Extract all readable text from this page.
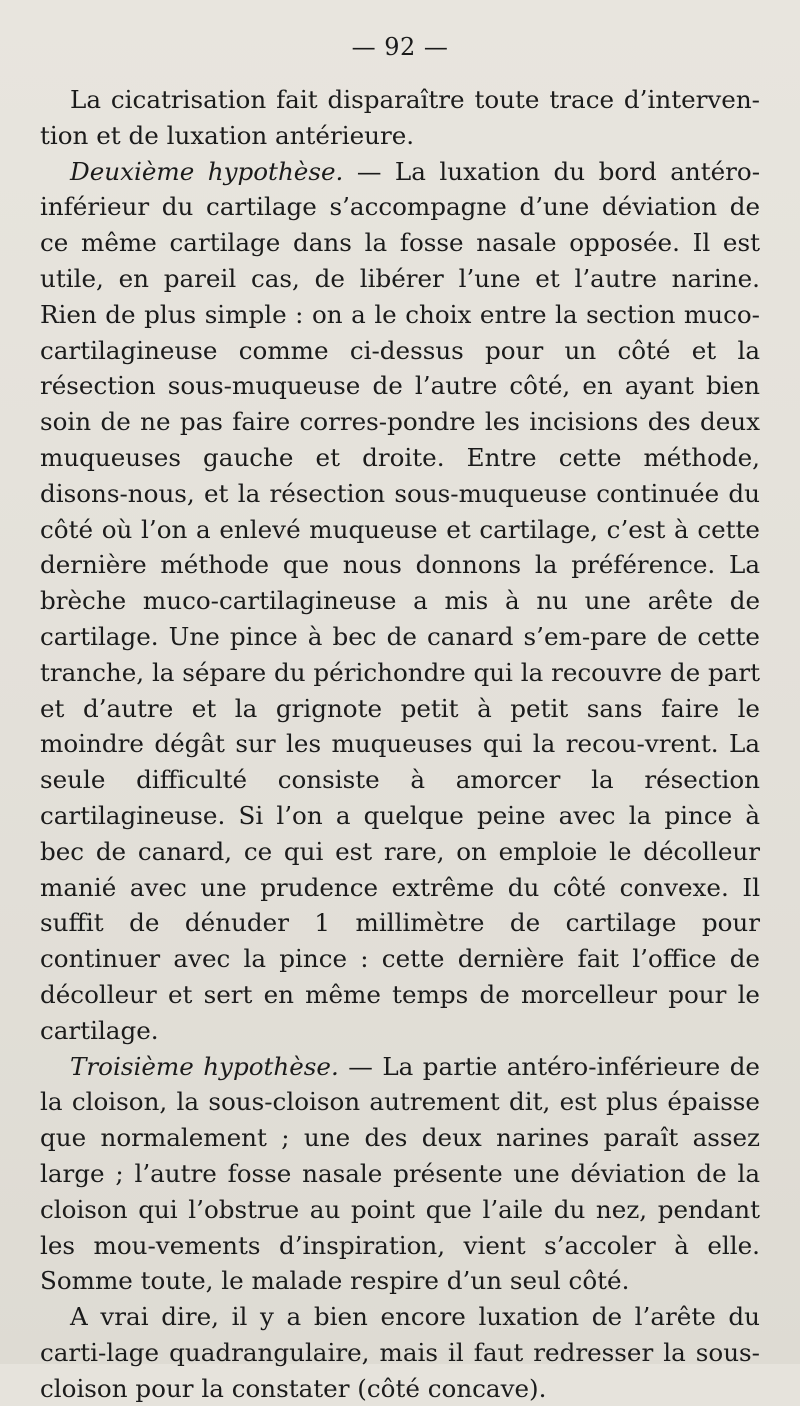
— 92 —

La cicatrisation fait disparaître toute trace d’interven-tion et de luxation antérieure.

Deuxième hypothèse. — La luxation du bord antéro-inférieur du cartilage s’accompagne d’une déviation de ce même cartilage dans la fosse nasale opposée. Il est utile, en pareil cas, de libérer l’une et l’autre narine. Rien de plus simple : on a le choix entre la section muco-cartilagineuse comme ci-dessus pour un côté et la résection sous-muqueuse de l’autre côté, en ayant bien soin de ne pas faire corres-pondre les incisions des deux muqueuses gauche et droite. Entre cette méthode, disons-nous, et la résection sous-muqueuse continuée du côté où l’on a enlevé muqueuse et cartilage, c’est à cette dernière méthode que nous donnons la préférence. La brèche muco-cartilagineuse a mis à nu une arête de cartilage. Une pince à bec de canard s’em-pare de cette tranche, la sépare du périchondre qui la recouvre de part et d’autre et la grignote petit à petit sans faire le moindre dégât sur les muqueuses qui la recou-vrent. La seule difficulté consiste à amorcer la résection cartilagineuse. Si l’on a quelque peine avec la pince à bec de canard, ce qui est rare, on emploie le décolleur manié avec une prudence extrême du côté convexe. Il suffit de dénuder 1 millimètre de cartilage pour continuer avec la pince : cette dernière fait l’office de décolleur et sert en même temps de morcelleur pour le cartilage.

Troisième hypothèse. — La partie antéro-inférieure de la cloison, la sous-cloison autrement dit, est plus épaisse que normalement ; une des deux narines paraît assez large ; l’autre fosse nasale présente une déviation de la cloison qui l’obstrue au point que l’aile du nez, pendant les mou-vements d’inspiration, vient s’accoler à elle. Somme toute, le malade respire d’un seul côté.

A vrai dire, il y a bien encore luxation de l’arête du carti-lage quadrangulaire, mais il faut redresser la sous-cloison pour la constater (côté concave).
